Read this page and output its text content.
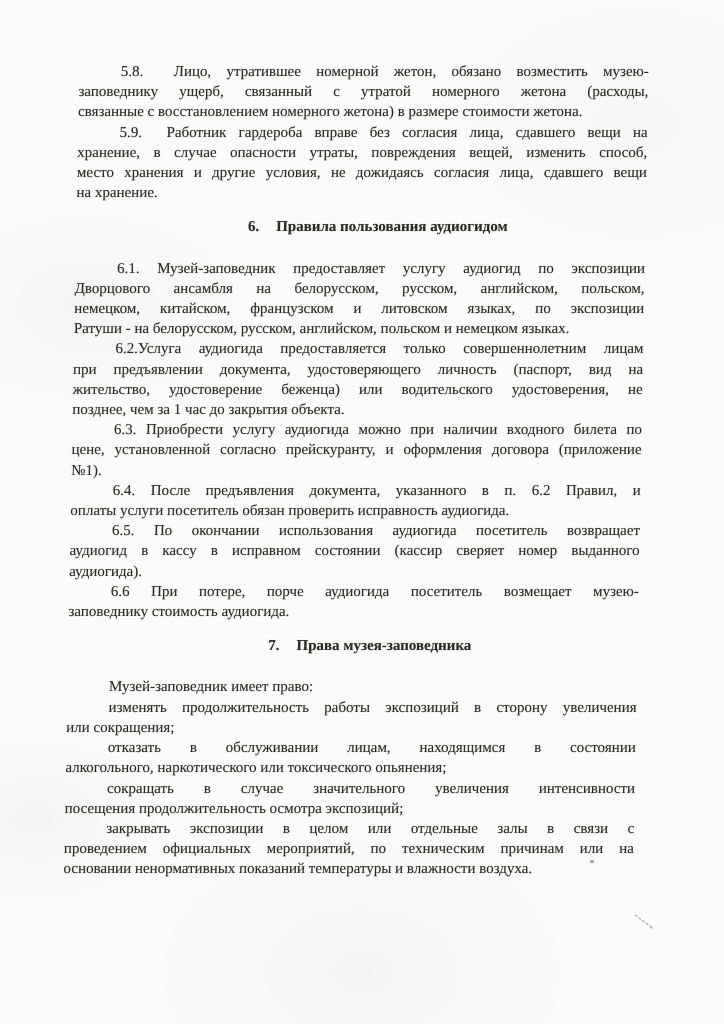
5.8.  Лицо, утратившее номерной жетон, обязано возместить музею-
заповеднику ущерб, связанный с утратой номерного жетона (расходы,
связанные с восстановлением номерного жетона) в размере стоимости жетона.
5.9.  Работник гардероба вправе без согласия лица, сдавшего вещи на
хранение, в случае опасности утраты, повреждения вещей, изменить способ,
место хранения и другие условия, не дожидаясь согласия лица, сдавшего вещи
на хранение.
6. Правила пользования аудиогидом
6.1. Музей-заповедник предоставляет услугу аудиогид по экспозиции
Дворцового ансамбля на белорусском, русском, английском, польском,
немецком, китайском, французском и литовском языках, по экспозиции
Ратуши - на белорусском, русском, английском, польском и немецком языках.
6.2.Услуга аудиогида предоставляется только совершеннолетним лицам
при предъявлении документа, удостоверяющего личность (паспорт, вид на
жительство, удостоверение беженца) или водительского удостоверения, не
позднее, чем за 1 час до закрытия объекта.
6.3. Приобрести услугу аудиогида можно при наличии входного билета по
цене, установленной согласно прейскуранту, и оформления договора (приложение
№1).
6.4. После предъявления документа, указанного в п. 6.2 Правил, и
оплаты услуги посетитель обязан проверить исправность аудиогида.
6.5. По окончании использования аудиогида посетитель возвращает
аудиогид в кассу в исправном состоянии (кассир сверяет номер выданного
аудиогида).
6.6 При потере, порче аудиогида посетитель возмещает музею-
заповеднику стоимость аудиогида.
7. Права музея-заповедника
Музей-заповедник имеет право:
изменять продолжительность работы экспозиций в сторону увеличения
или сокращения;
отказать в обслуживании лицам, находящимся в состоянии
алкогольного, наркотического или токсического опьянения;
сокращать в случае значительного увеличения интенсивности
посещения продолжительность осмотра экспозиций;
закрывать экспозиции в целом или отдельные залы в связи с
проведением официальных мероприятий, по техническим причинам или на
основании ненормативных показаний температуры и влажности воздуха.
